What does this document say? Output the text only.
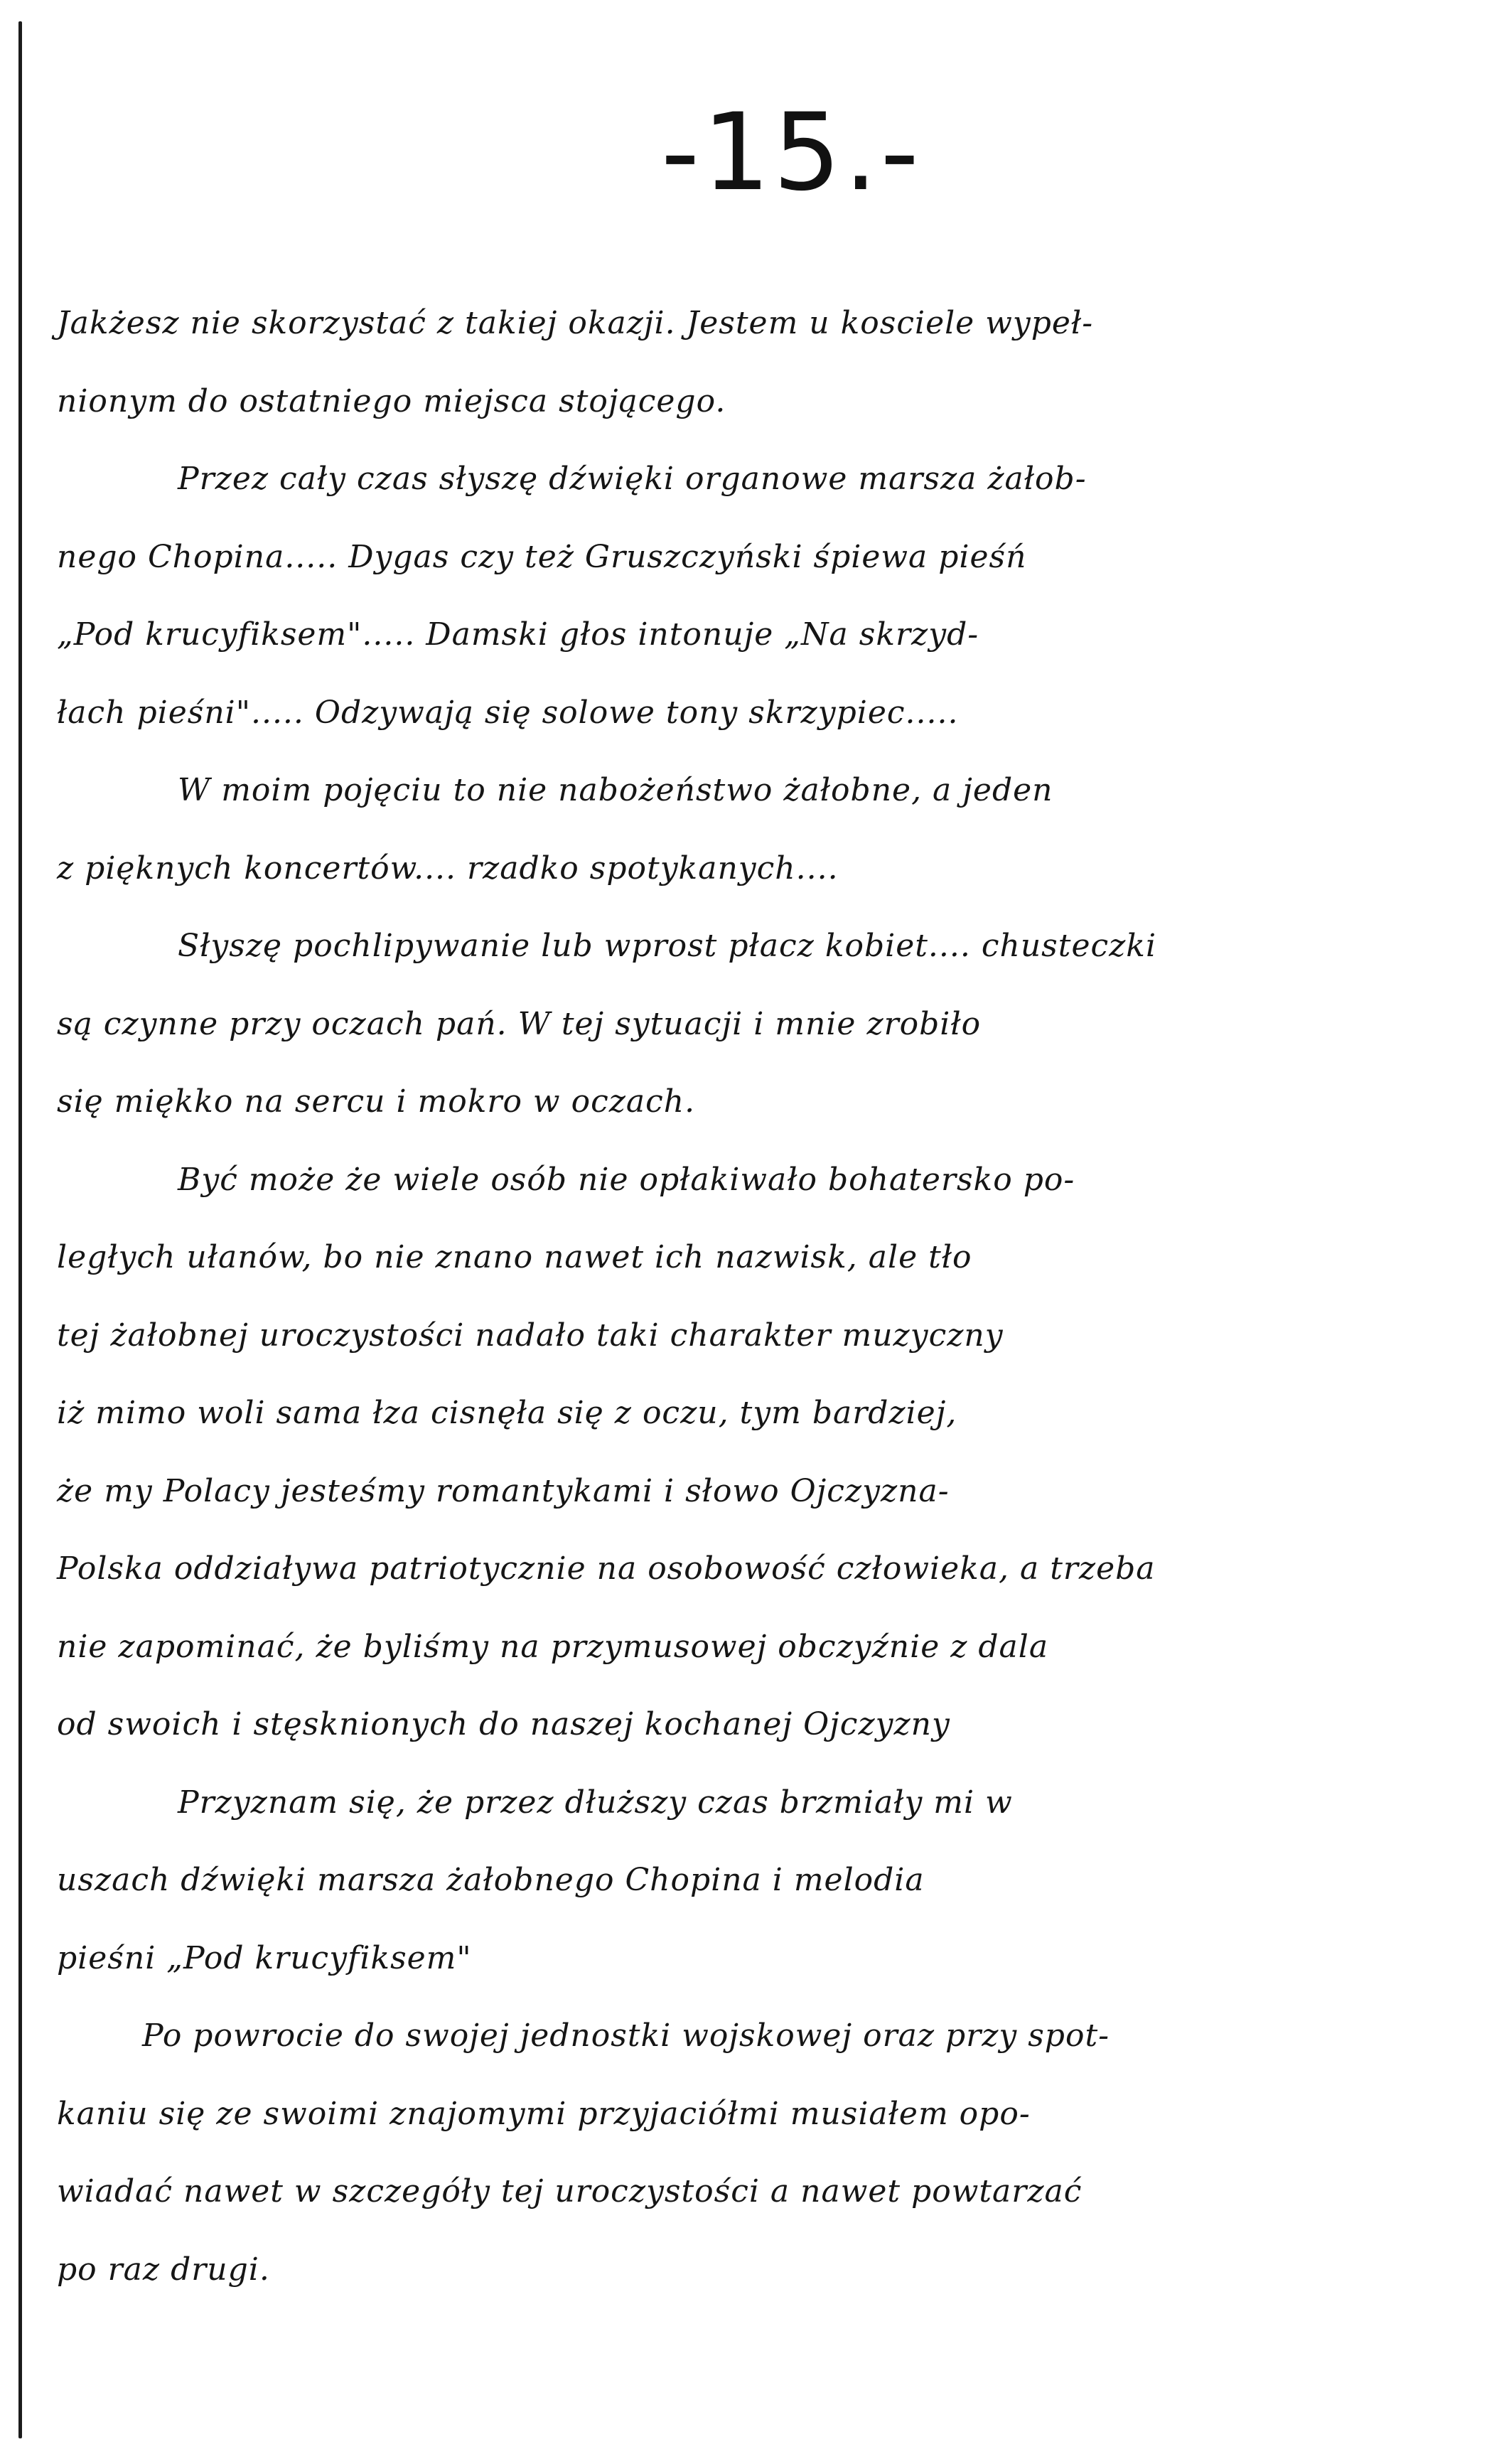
-15.-
Jakżesz nie skorzystać z takiej okazji. Jestem u kosciele wypeł-
nionym do ostatniego miejsca stojącego.
Przez cały czas słyszę dźwięki organowe marsza żałob-
nego Chopina..... Dygas czy też Gruszczyński śpiewa pieśń
„Pod krucyfiksem"..... Damski głos intonuje „Na skrzyd-
łach pieśni"..... Odzywają się solowe tony skrzypiec.....
W moim pojęciu to nie nabożeństwo żałobne, a jeden
z pięknych koncertów.... rzadko spotykanych....
Słyszę pochlipywanie lub wprost płacz kobiet.... chusteczki
są czynne przy oczach pań. W tej sytuacji i mnie zrobiło
się miękko na sercu i mokro w oczach.
Być może że wiele osób nie opłakiwało bohatersko po-
ległych ułanów, bo nie znano nawet ich nazwisk, ale tło
tej żałobnej uroczystości nadało taki charakter muzyczny
iż mimo woli sama łza cisnęła się z oczu, tym bardziej,
że my Polacy jesteśmy romantykami i słowo Ojczyzna-
Polska oddziaływa patriotycznie na osobowość człowieka, a trzeba
nie zapominać, że byliśmy na przymusowej obczyźnie z dala
od swoich i stęsknionych do naszej kochanej Ojczyzny
Przyznam się, że przez dłuższy czas brzmiały mi w
uszach dźwięki marsza żałobnego Chopina i melodia
pieśni „Pod krucyfiksem"
Po powrocie do swojej jednostki wojskowej oraz przy spot-
kaniu się ze swoimi znajomymi przyjaciółmi musiałem opo-
wiadać nawet w szczegóły tej uroczystości a nawet powtarzać
po raz drugi.
